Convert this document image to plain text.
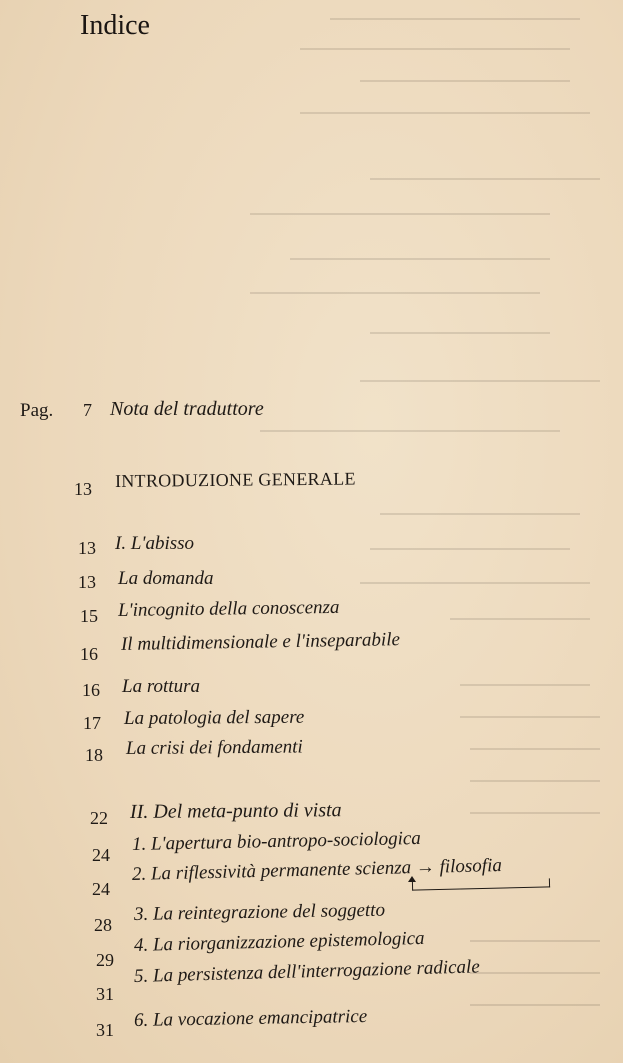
Indice
Pag.	7 Nota del traduttore
13 INTRODUZIONE GENERALE
13 I. L'abisso
13 La domanda
15 L'incognito della conoscenza
16 Il multidimensionale e l'inseparabile
16 La rottura
17 La patologia del sapere
18 La crisi dei fondamenti
22 II. Del meta-punto di vista
24
1. L'apertura bio-antropo-sociologica
24
2. La riflessività permanente scienza → filosofia
28
3. La reintegrazione del soggetto
29
4. La riorganizzazione epistemologica
31
5. La persistenza dell'interrogazione radicale
31 6. La vocazione emancipatrice
